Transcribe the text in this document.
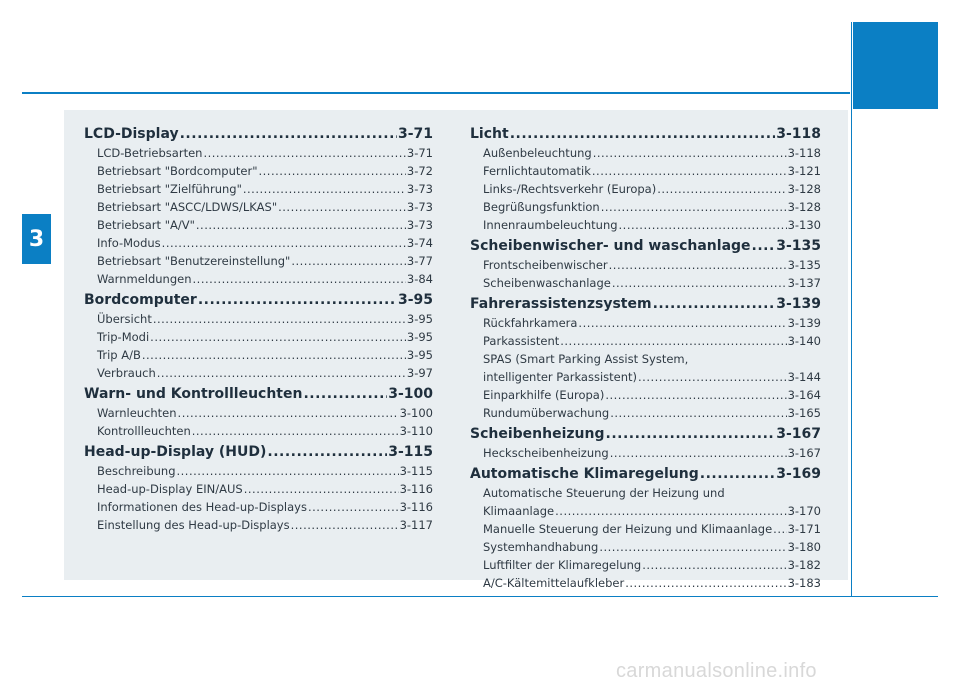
3
LCD-Display .....	3-71
LCD-Betriebsarten .....	3-71
Betriebsart "Bordcomputer" .....	3-72
Betriebsart "Zielführung" .....	3-73
Betriebsart "ASCC/LDWS/LKAS" .....	3-73
Betriebsart "A/V" .....	3-73
Info-Modus .....	3-74
Betriebsart "Benutzereinstellung" .....	3-77
Warnmeldungen .....	3-84
Bordcomputer .....	3-95
Übersicht .....	3-95
Trip-Modi .....	3-95
Trip A/B .....	3-95
Verbrauch .....	3-97
Warn- und Kontrollleuchten .....	3-100
Warnleuchten .....	3-100
Kontrollleuchten .....	3-110
Head-up-Display (HUD) .....	3-115
Beschreibung .....	3-115
Head-up-Display EIN/AUS .....	3-116
Informationen des Head-up-Displays .....	3-116
Einstellung des Head-up-Displays .....	3-117
Licht .....	3-118
Außenbeleuchtung .....	3-118
Fernlichtautomatik .....	3-121
Links-/Rechtsverkehr (Europa) .....	3-128
Begrüßungsfunktion .....	3-128
Innenraumbeleuchtung .....	3-130
Scheibenwischer- und waschanlage ..... 3-135
Frontscheibenwischer .....	3-135
Scheibenwaschanlage .....	3-137
Fahrerassistenzsystem .....	3-139
Rückfahrkamera .....	3-139
Parkassistent .....	3-140
SPAS (Smart Parking Assist System,
intelligenter Parkassistent) .....	3-144
Einparkhilfe (Europa) .....	3-164
Rundumüberwachung .....	3-165
Scheibenheizung .....	3-167
Heckscheibenheizung .....	3-167
Automatische Klimaregelung .....	3-169
Automatische Steuerung der Heizung und
Klimaanlage .....	3-170
Manuelle Steuerung der Heizung und Klimaanlage ..... 3-171
Systemhandhabung .....	3-180
Luftfilter der Klimaregelung .....	3-182
A/C-Kältemittelaufkleber .....	3-183
carmanualsonline.info
